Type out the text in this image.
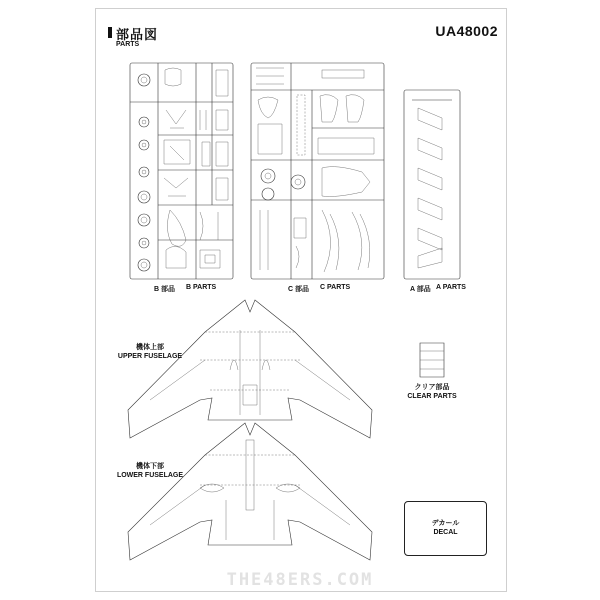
部品図
PARTS
UA48002
B 部品 B PARTS	C 部品 C PARTS	A 部品 A PARTS
機体上部
UPPER FUSELAGE
機体下部
LOWER FUSELAGE
クリア部品
CLEAR PARTS
デカール
DECAL
THE48ERS.COM
